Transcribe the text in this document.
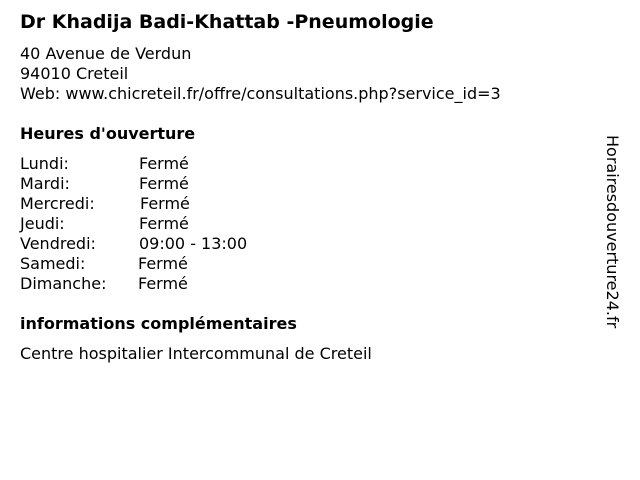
Dr Khadija Badi-Khattab -Pneumologie
40 Avenue de Verdun
94010 Creteil
Web: www.chicreteil.fr/offre/consultations.php?service_id=3
Heures d'ouverture
Lundi:	Fermé
Mardi:	Fermé
Mercredi:	Fermé
Jeudi:	Fermé
Vendredi:	09:00 - 13:00
Samedi:	Fermé
Dimanche: Fermé
informations complémentaires
Centre hospitalier Intercommunal de Creteil
Horairesdouverture24.fr
